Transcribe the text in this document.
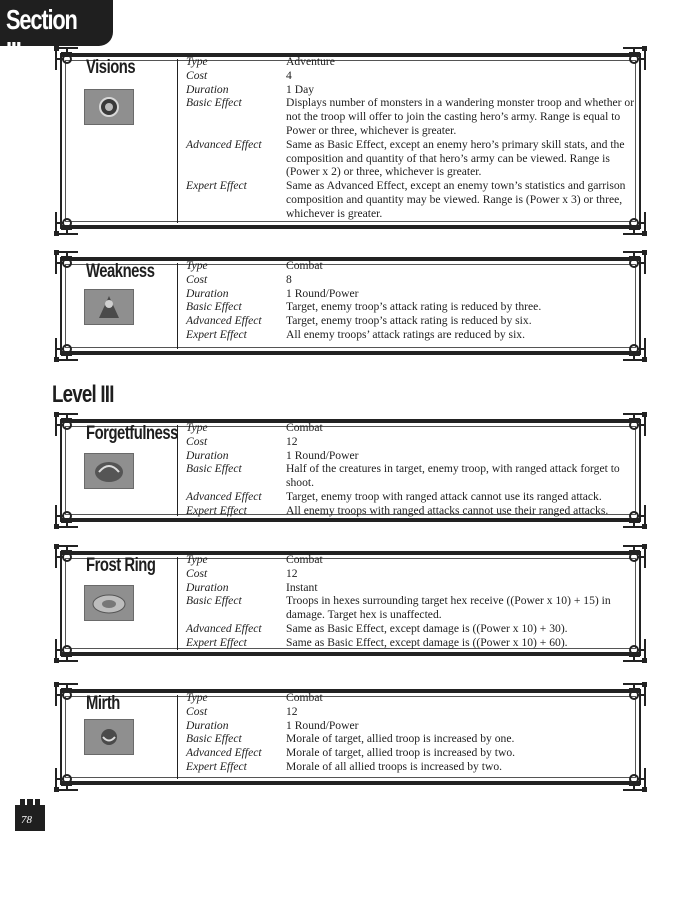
Section III
Visions	Type	Adventure
Cost	4
Duration	1 Day
Basic Effect	Displays number of monsters in a wandering monster troop and whether or not the troop will offer to join the casting hero’s army. Range is equal to Power or three, whichever is greater.
Advanced Effect	Same as Basic Effect, except an enemy hero’s primary skill stats, and the composition and quantity of that hero’s army can be viewed. Range is (Power x 2) or three, whichever is greater.
Expert Effect	Same as Advanced Effect, except an enemy town’s statistics and garrison composition and quantity may be viewed. Range is (Power x 3) or three, whichever is greater.
Weakness	Type	Combat
Cost	8
Duration	1 Round/Power
Basic Effect	Target, enemy troop’s attack rating is reduced by three.
Advanced Effect	Target, enemy troop’s attack rating is reduced by six.
Expert Effect	All enemy troops’ attack ratings are reduced by six.
Forgetfulness Type	Combat
Cost	12
Duration	1 Round/Power
Basic Effect	Half of the creatures in target, enemy troop, with ranged attack forget to shoot.
Advanced Effect	Target, enemy troop with ranged attack cannot use its ranged attack.
Expert Effect	All enemy troops with ranged attacks cannot use their ranged attacks.
Frost Ring	Type	Combat
Cost	12
Duration	Instant
Basic Effect	Troops in hexes surrounding target hex receive ((Power x 10) + 15) in damage. Target hex is unaffected.
Advanced Effect	Same as Basic Effect, except damage is ((Power x 10) + 30).
Expert Effect	Same as Basic Effect, except damage is ((Power x 10) + 60).
Mirth	Type	Combat
Cost	12
Duration	1 Round/Power
Basic Effect	Morale of target, allied troop is increased by one.
Advanced Effect	Morale of target, allied troop is increased by two.
Expert Effect	Morale of all allied troops is increased by two.
Level III
78
